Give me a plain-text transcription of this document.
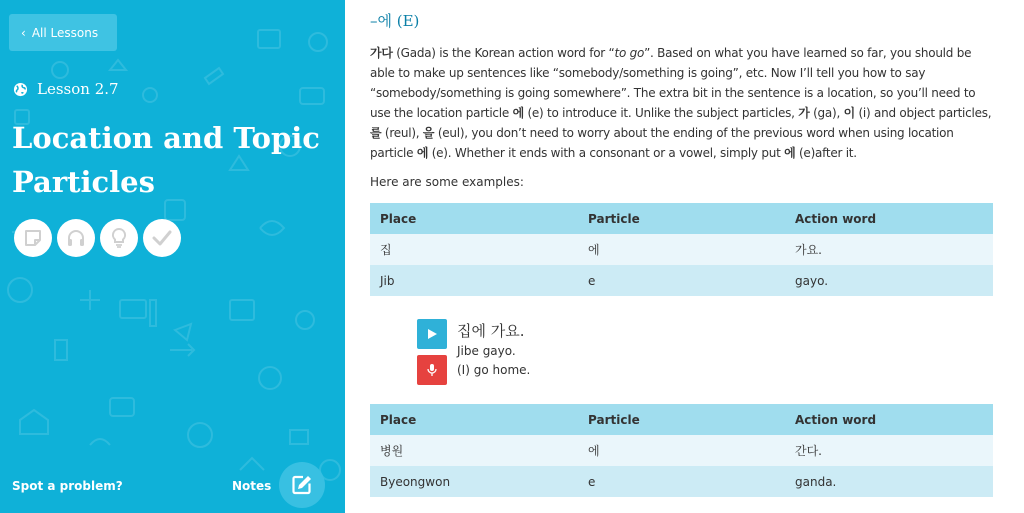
‹ All Lessons
Lesson 2.7
Location and Topic Particles
Spot a problem?	Notes
–에 (E)

가다 (Gada) is the Korean action word for “to go”. Based on what you have learned so far, you should be able to make up sentences like “somebody/something is going”, etc. Now I’ll tell you how to say “somebody/something is going somewhere”. The extra bit in the sentence is a location, so you’ll need to use the location particle 에 (e) to introduce it. Unlike the subject particles, 가 (ga), 이 (i) and object particles, 를 (reul), 을 (eul), you don’t need to worry about the ending of the previous word when using location particle 에 (e). Whether it ends with a consonant or a vowel, simply put 에 (e)after it.

Here are some examples:
Place	Particle	Action word
집	에	가요.
Jib	e	gayo.
집에 가요.
Jibe gayo.
(I) go home.
Place	Particle	Action word
병원	에	간다.
Byeongwon	e	ganda.
